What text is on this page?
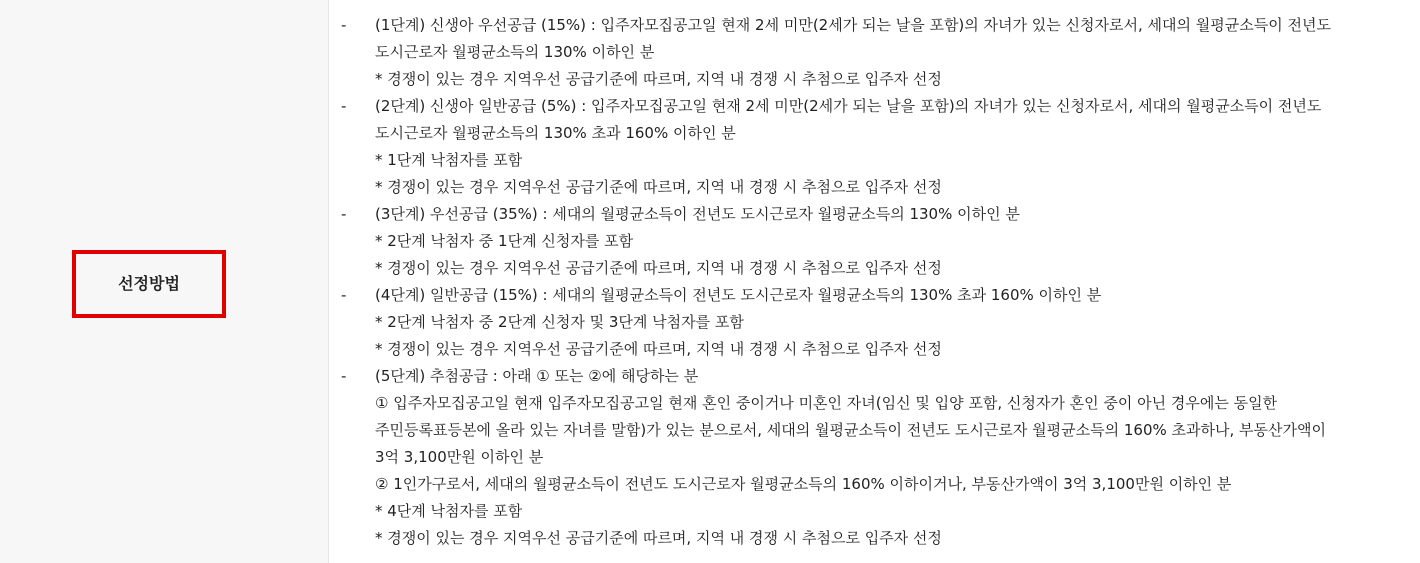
선정방법
-	(1단계) 신생아 우선공급 (15%) : 입주자모집공고일 현재 2세 미만(2세가 되는 날을 포함)의 자녀가 있는 신청자로서, 세대의 월평균소득이 전년도
도시근로자 월평균소득의 130% 이하인 분
* 경쟁이 있는 경우 지역우선 공급기준에 따르며, 지역 내 경쟁 시 추첨으로 입주자 선정
-	(2단계) 신생아 일반공급 (5%) : 입주자모집공고일 현재 2세 미만(2세가 되는 날을 포함)의 자녀가 있는 신청자로서, 세대의 월평균소득이 전년도
도시근로자 월평균소득의 130% 초과 160% 이하인 분
* 1단계 낙첨자를 포함
* 경쟁이 있는 경우 지역우선 공급기준에 따르며, 지역 내 경쟁 시 추첨으로 입주자 선정
-	(3단계) 우선공급 (35%) : 세대의 월평균소득이 전년도 도시근로자 월평균소득의 130% 이하인 분
* 2단계 낙첨자 중 1단계 신청자를 포함
* 경쟁이 있는 경우 지역우선 공급기준에 따르며, 지역 내 경쟁 시 추첨으로 입주자 선정
-	(4단계) 일반공급 (15%) : 세대의 월평균소득이 전년도 도시근로자 월평균소득의 130% 초과 160% 이하인 분
* 2단계 낙첨자 중 2단계 신청자 및 3단계 낙첨자를 포함
* 경쟁이 있는 경우 지역우선 공급기준에 따르며, 지역 내 경쟁 시 추첨으로 입주자 선정
-	(5단계) 추첨공급 : 아래 ① 또는 ②에 해당하는 분
① 입주자모집공고일 현재 입주자모집공고일 현재 혼인 중이거나 미혼인 자녀(임신 및 입양 포함, 신청자가 혼인 중이 아닌 경우에는 동일한
주민등록표등본에 올라 있는 자녀를 말함)가 있는 분으로서, 세대의 월평균소득이 전년도 도시근로자 월평균소득의 160% 초과하나, 부동산가액이
3억 3,100만원 이하인 분
② 1인가구로서, 세대의 월평균소득이 전년도 도시근로자 월평균소득의 160% 이하이거나, 부동산가액이 3억 3,100만원 이하인 분
* 4단계 낙첨자를 포함
* 경쟁이 있는 경우 지역우선 공급기준에 따르며, 지역 내 경쟁 시 추첨으로 입주자 선정
